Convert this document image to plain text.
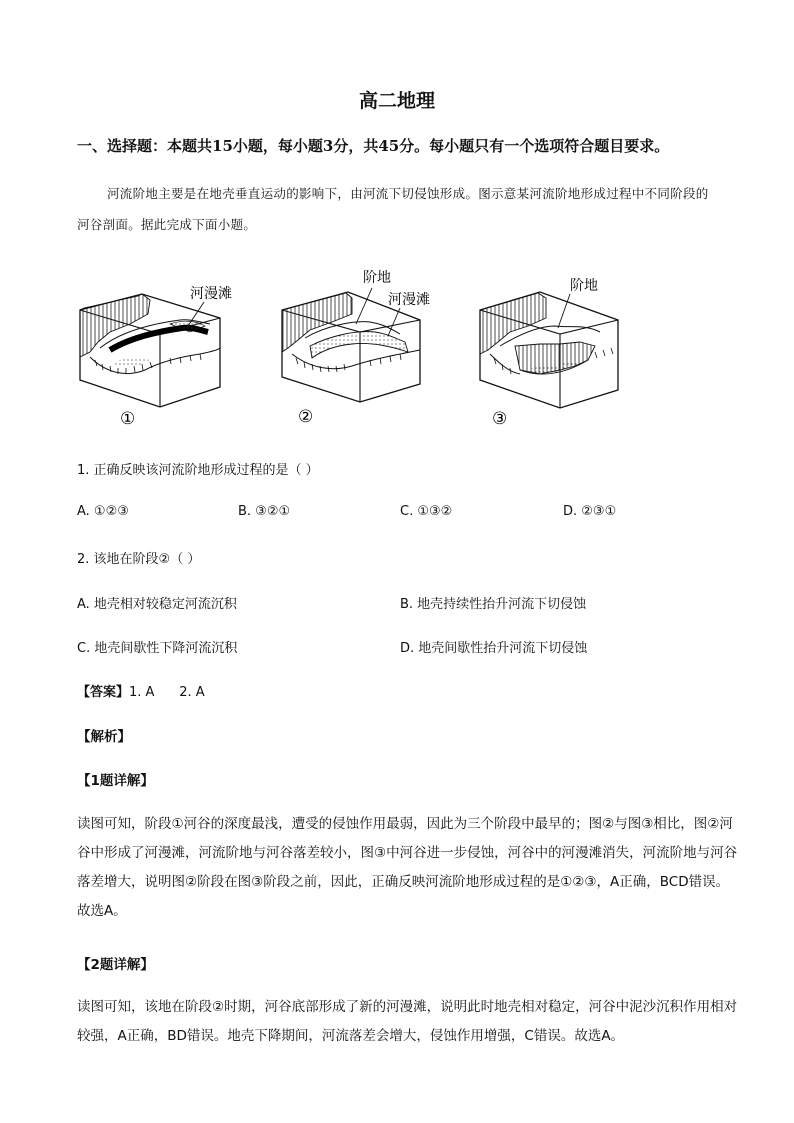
高二地理
一、选择题：本题共15小题，每小题3分，共45分。每小题只有一个选项符合题目要求。
河流阶地主要是在地壳垂直运动的影响下，由河流下切侵蚀形成。图示意某河流阶地形成过程中不同阶段的河谷剖面。据此完成下面小题。
河漫滩
①
阶地
河漫滩
②
阶地
③
1. 正确反映该河流阶地形成过程的是（ ）
A. ①②③	B. ③②①	C. ①③②	D. ②③①
2. 该地在阶段②（ ）
A. 地壳相对较稳定河流沉积	B. 地壳持续性抬升河流下切侵蚀
C. 地壳间歇性下降河流沉积	D. 地壳间歇性抬升河流下切侵蚀
【答案】1. A      2. A
【解析】
【1题详解】
读图可知，阶段①河谷的深度最浅，遭受的侵蚀作用最弱，因此为三个阶段中最早的；图②与图③相比，图②河谷中形成了河漫滩，河流阶地与河谷落差较小，图③中河谷进一步侵蚀，河谷中的河漫滩消失，河流阶地与河谷落差增大，说明图②阶段在图③阶段之前，因此，正确反映河流阶地形成过程的是①②③，A正确，BCD错误。故选A。
【2题详解】
读图可知，该地在阶段②时期，河谷底部形成了新的河漫滩，说明此时地壳相对稳定，河谷中泥沙沉积作用相对较强，A正确，BD错误。地壳下降期间，河流落差会增大，侵蚀作用增强，C错误。故选A。
